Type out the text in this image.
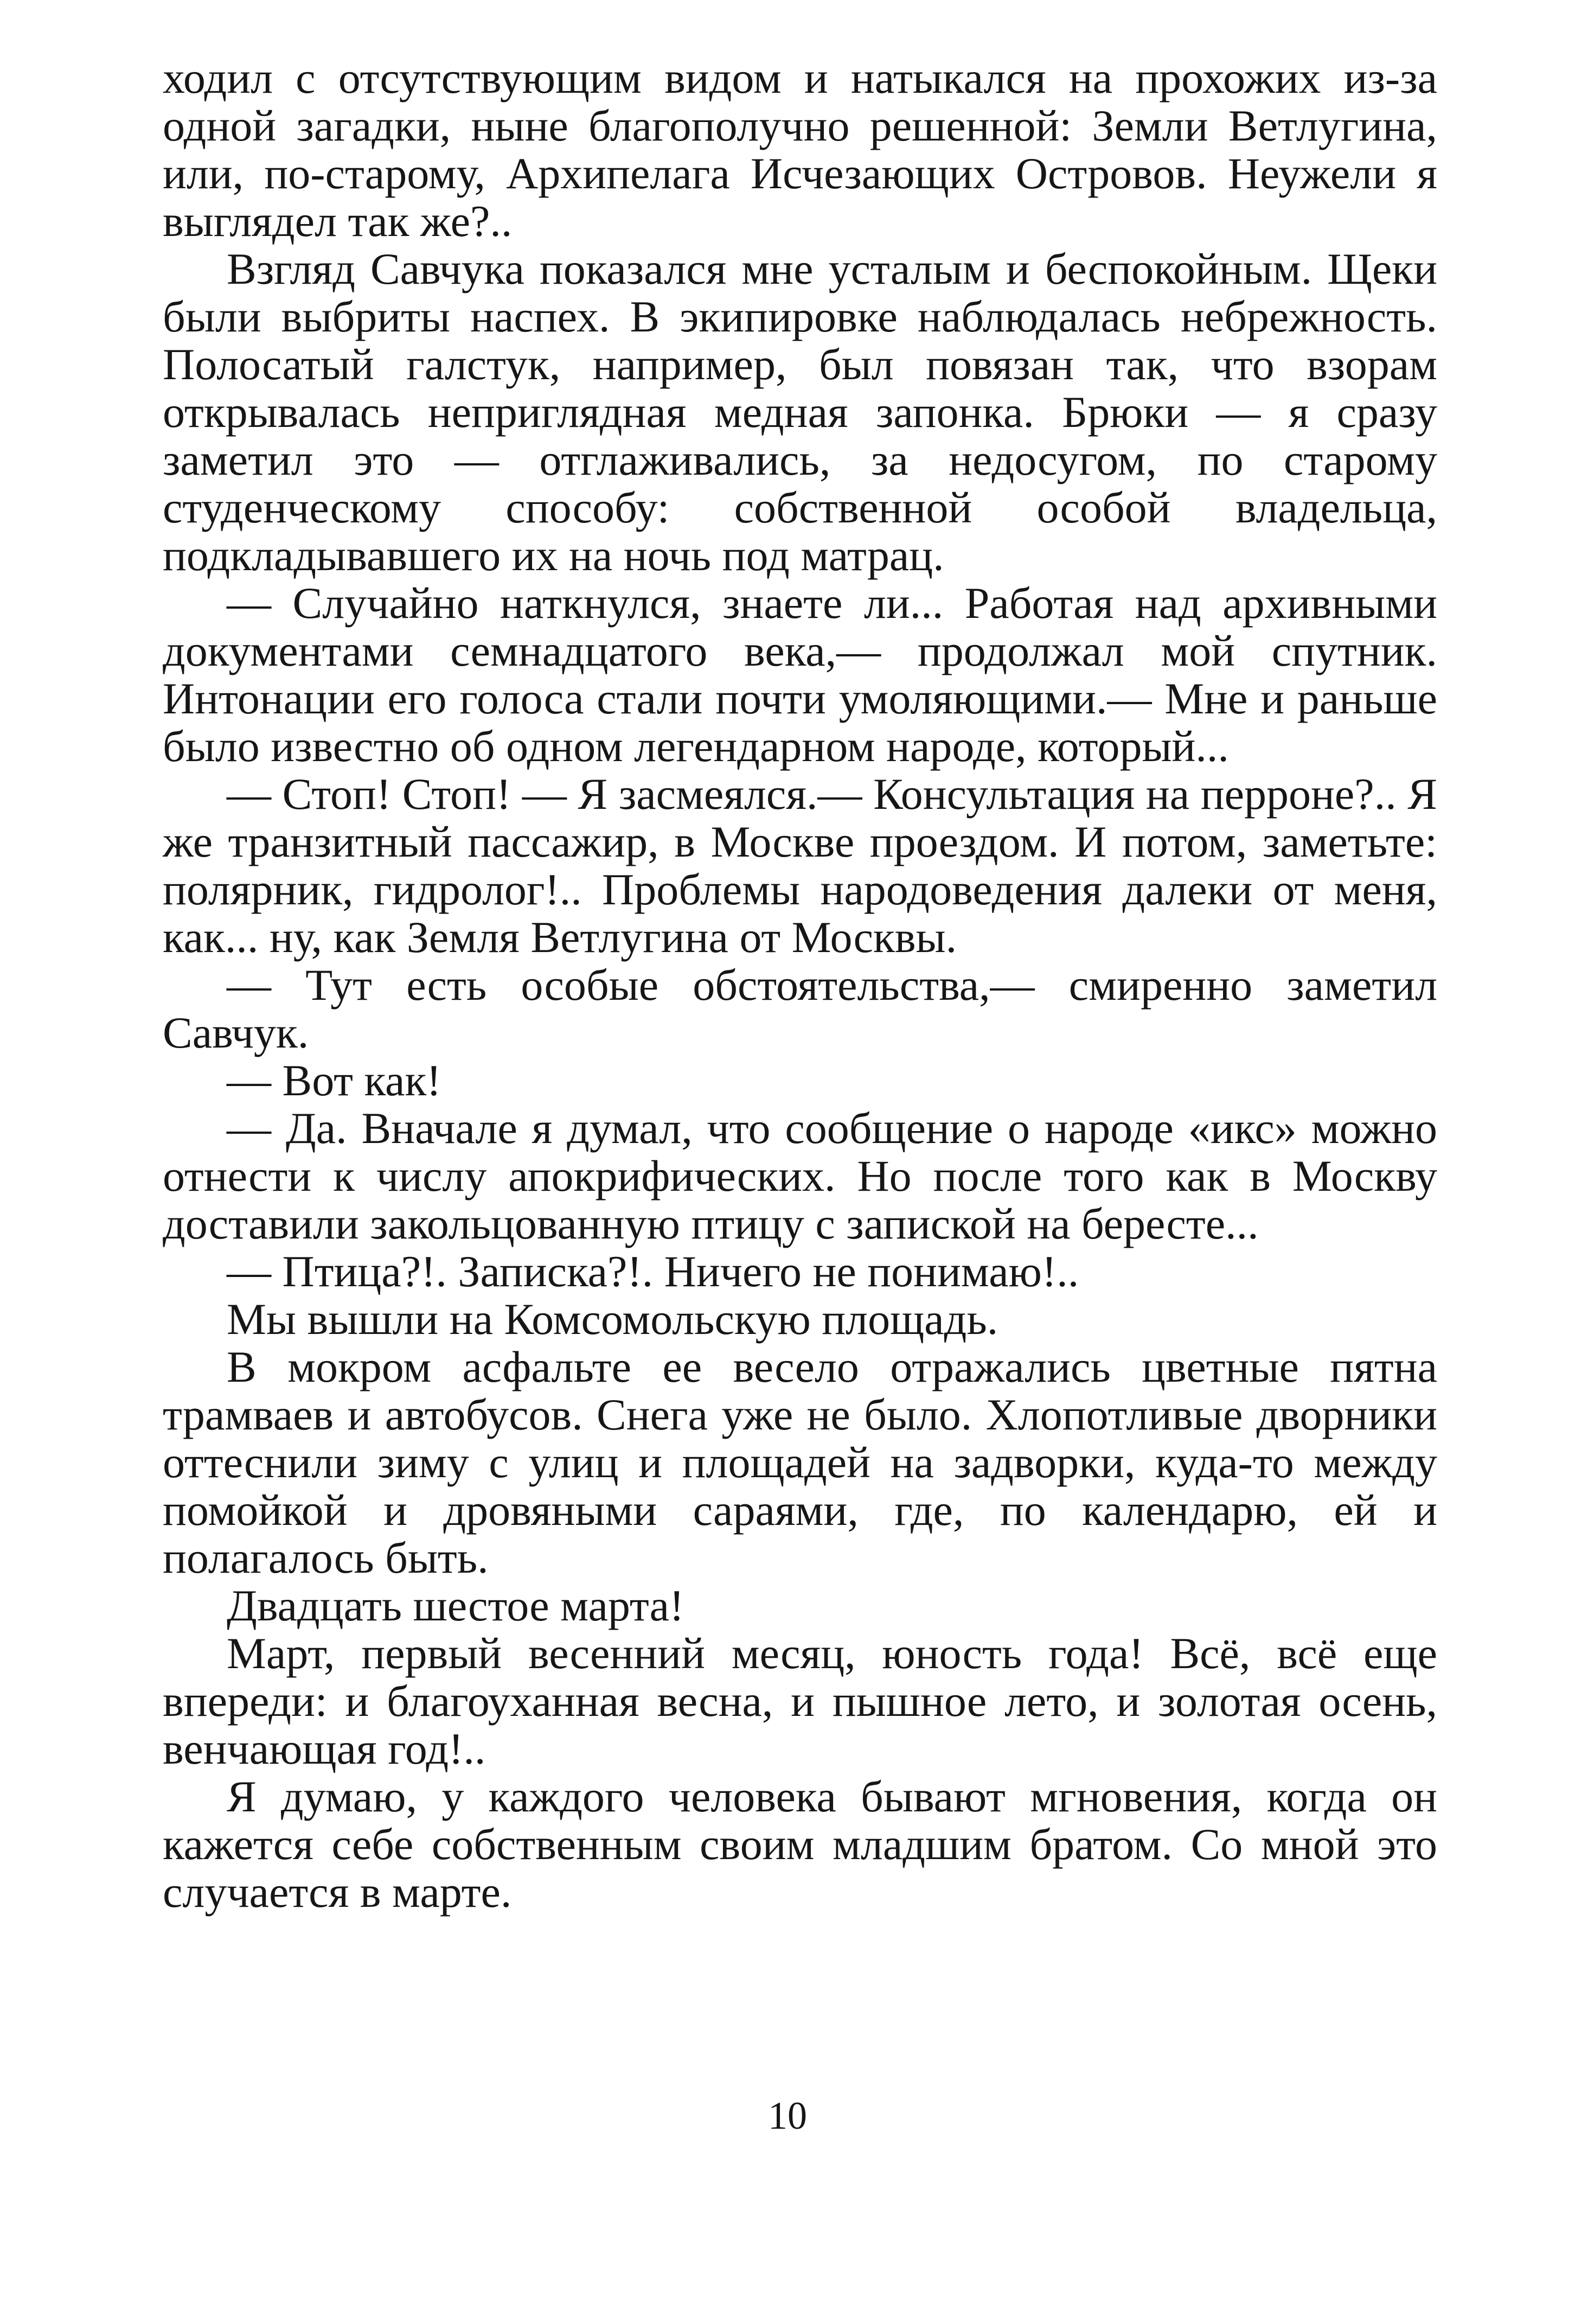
ходил с отсутствующим видом и натыкался на прохожих из-за одной загадки, ныне благополучно решенной: Земли Ветлугина, или, по-старому, Архипелага Исчезающих Островов. Неужели я выглядел так же?..

Взгляд Савчука показался мне усталым и беспокойным. Щеки были выбриты наспех. В экипировке наблюдалась небрежность. Полосатый галстук, например, был повязан так, что взорам открывалась неприглядная медная запонка. Брюки — я сразу заметил это — отглаживались, за недосугом, по старому студенческому способу: собственной особой владельца, подкладывавшего их на ночь под матрац.

— Случайно наткнулся, знаете ли... Работая над архивными документами семнадцатого века,— продолжал мой спутник. Интонации его голоса стали почти умоляющими.— Мне и раньше было известно об одном легендарном народе, который...

— Стоп! Стоп! — Я засмеялся.— Консультация на перроне?.. Я же транзитный пассажир, в Москве проездом. И потом, заметьте: полярник, гидролог!.. Проблемы народоведения далеки от меня, как... ну, как Земля Ветлугина от Москвы.

— Тут есть особые обстоятельства,— смиренно заметил Савчук.

— Вот как!

— Да. Вначале я думал, что сообщение о народе «икс» можно отнести к числу апокрифических. Но после того как в Москву доставили закольцованную птицу с запиской на бересте...

— Птица?!. Записка?!. Ничего не понимаю!..

Мы вышли на Комсомольскую площадь.

В мокром асфальте ее весело отражались цветные пятна трамваев и автобусов. Снега уже не было. Хлопотливые дворники оттеснили зиму с улиц и площадей на задворки, куда-то между помойкой и дровяными сараями, где, по календарю, ей и полагалось быть.

Двадцать шестое марта!

Март, первый весенний месяц, юность года! Всё, всё еще впереди: и благоуханная весна, и пышное лето, и золотая осень, венчающая год!..

Я думаю, у каждого человека бывают мгновения, когда он кажется себе собственным своим младшим братом. Со мной это случается в марте.

10
